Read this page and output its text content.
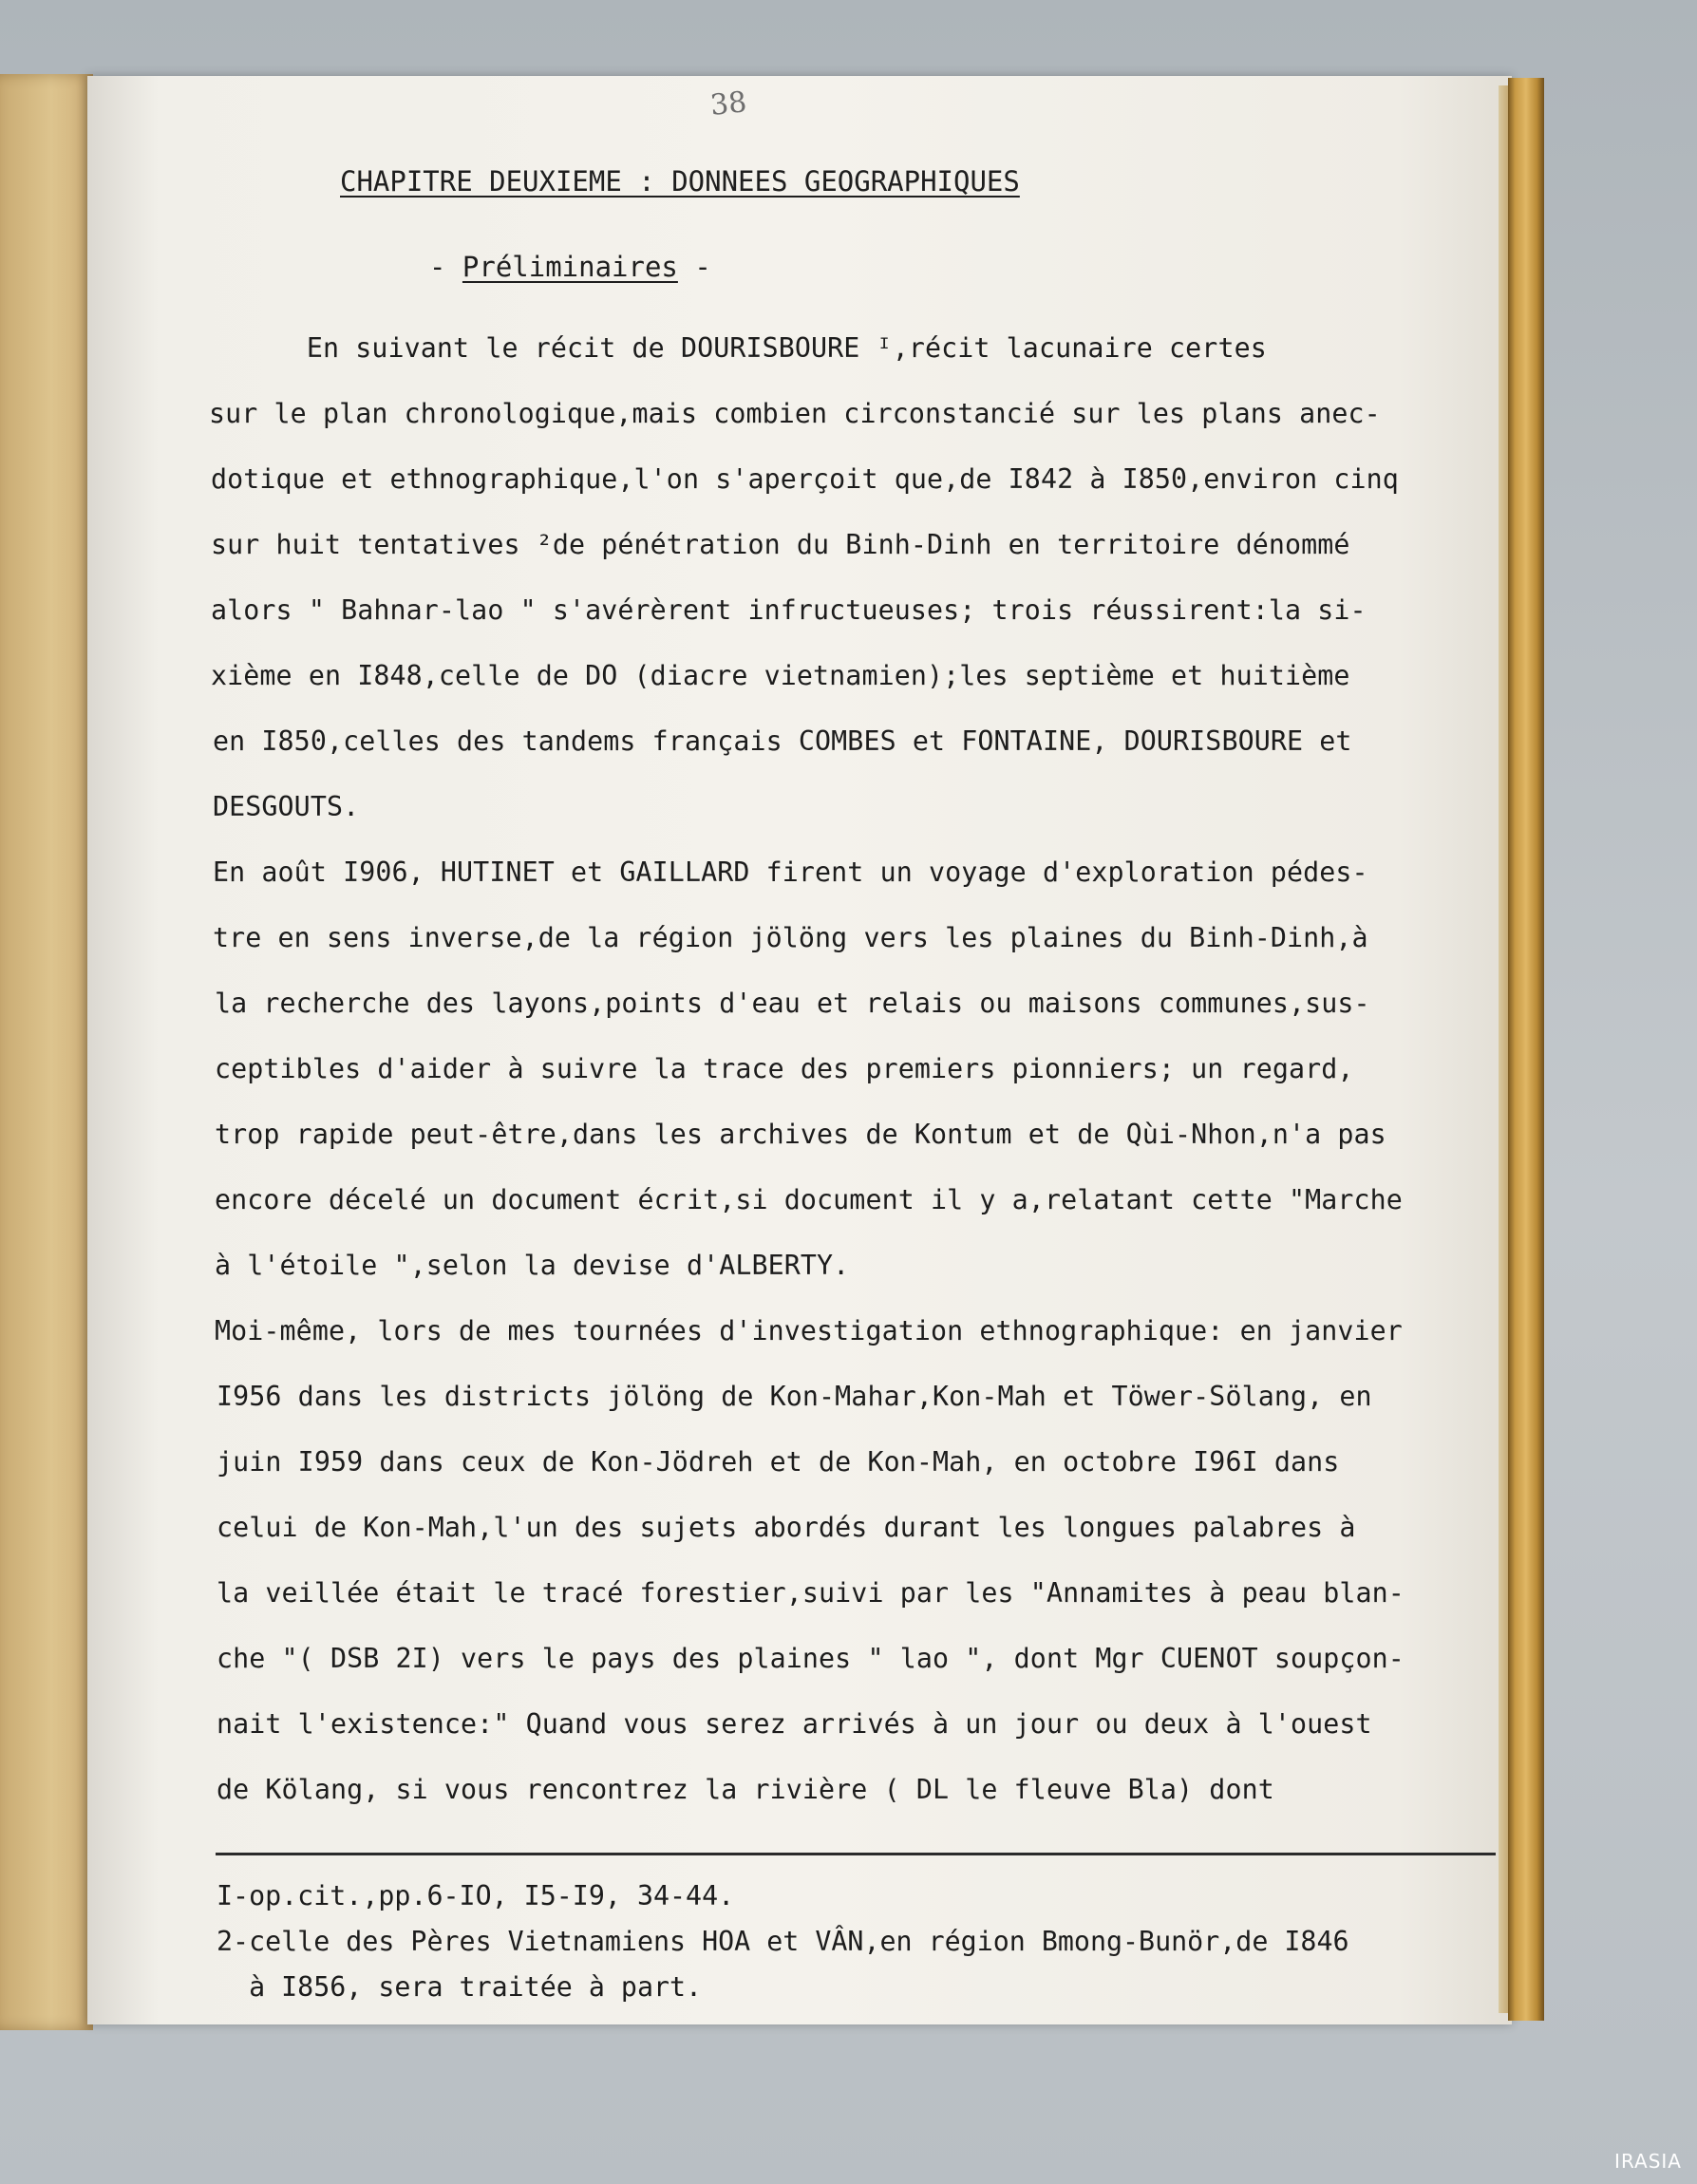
38
CHAPITRE DEUXIEME : DONNEES GEOGRAPHIQUES
- Préliminaires -
En suivant le récit de DOURISBOURE ᴵ,récit lacunaire certes
sur le plan chronologique,mais combien circonstancié sur les plans anec-
dotique et ethnographique,l'on s'aperçoit que,de I842 à I850,environ cinq
sur huit tentatives ²de pénétration du Binh-Dinh en territoire dénommé
alors " Bahnar-lao " s'avérèrent infructueuses; trois réussirent:la si-
xième en I848,celle de DO (diacre vietnamien);les septième et huitième
en I850,celles des tandems français COMBES et FONTAINE, DOURISBOURE et
DESGOUTS.
En août I906, HUTINET et GAILLARD firent un voyage d'exploration pédes-
tre en sens inverse,de la région jölöng vers les plaines du Binh-Dinh,à
la recherche des layons,points d'eau et relais ou maisons communes,sus-
ceptibles d'aider à suivre la trace des premiers pionniers; un regard,
trop rapide peut-être,dans les archives de Kontum et de Qùi-Nhon,n'a pas
encore décelé un document écrit,si document il y a,relatant cette "Marche
à l'étoile ",selon la devise d'ALBERTY.
Moi-même, lors de mes tournées d'investigation ethnographique: en janvier
I956 dans les districts jölöng de Kon-Mahar,Kon-Mah et Töwer-Sölang, en
juin I959 dans ceux de Kon-Jödreh et de Kon-Mah, en octobre I96I dans
celui de Kon-Mah,l'un des sujets abordés durant les longues palabres à
la veillée était le tracé forestier,suivi par les "Annamites à peau blan-
che "( DSB 2I) vers le pays des plaines " lao ", dont Mgr CUENOT soupçon-
nait l'existence:" Quand vous serez arrivés à un jour ou deux à l'ouest
de Kölang, si vous rencontrez la rivière ( DL le fleuve Bla) dont
I-op.cit.,pp.6-IO, I5-I9, 34-44.
2-celle des Pères Vietnamiens HOA et VÂN,en région Bmong-Bunör,de I846
à I856, sera traitée à part.
IRASIA
